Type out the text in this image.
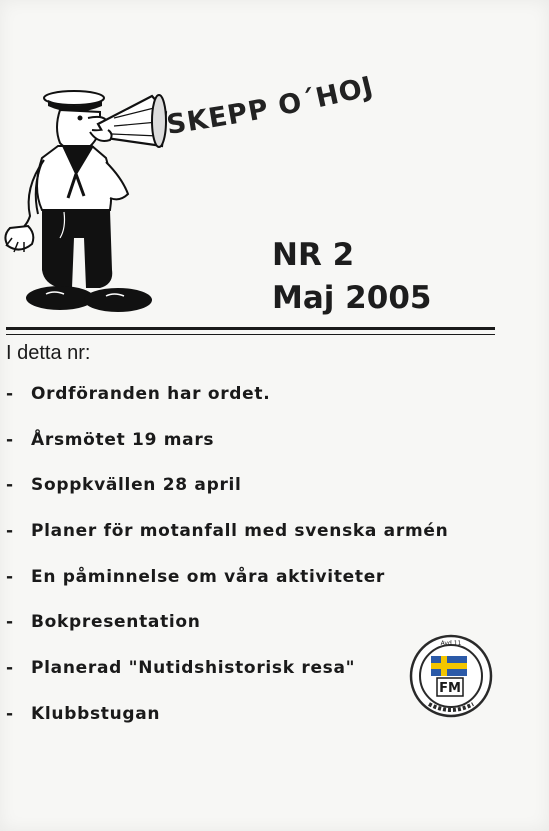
SKEPP O´HOJ
NR 2
Maj 2005
I detta nr:
-	Ordföranden har ordet.
-	Årsmötet 19 mars
-	Soppkvällen 28 april
-	Planer för motanfall med svenska armén
-	En påminnelse om våra aktiviteter
-	Bokpresentation
-	Planerad "Nutidshistorisk resa"
-	Klubbstugan
FM
Avd 11
